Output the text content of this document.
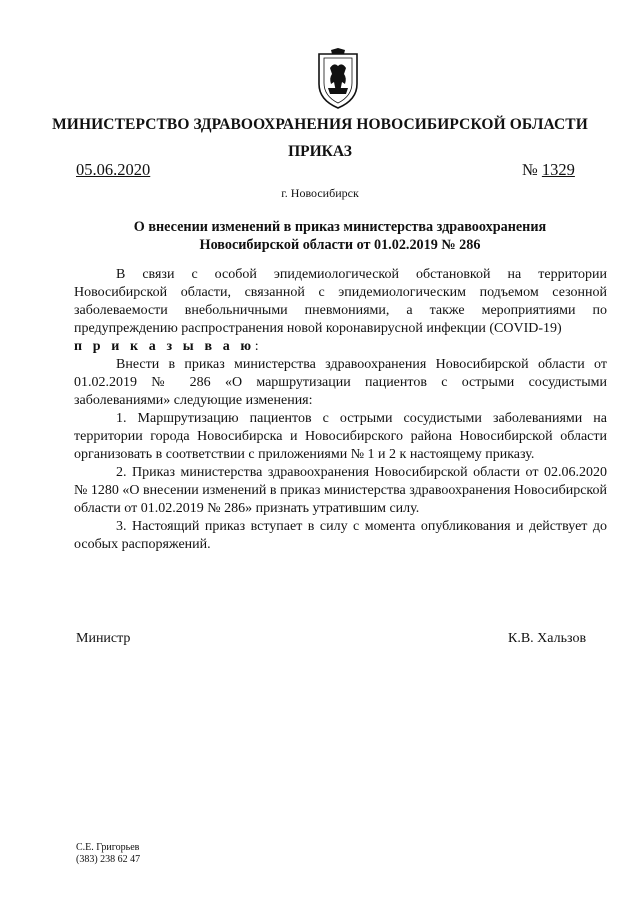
МИНИСТЕРСТВО ЗДРАВООХРАНЕНИЯ НОВОСИБИРСКОЙ ОБЛАСТИ
ПРИКАЗ
05.06.2020	№ 1329
г. Новосибирск
О внесении изменений в приказ министерства здравоохранения
Новосибирской области от 01.02.2019 № 286

В связи с особой эпидемиологической обстановкой на территории Новосибирской области, связанной с эпидемиологическим подъемом сезонной заболеваемости внебольничными пневмониями, а также мероприятиями по предупреждению распространения новой коронавирусной инфекции (COVID-19)

п р и к а з ы в а ю:

Внести в приказ министерства здравоохранения Новосибирской области от 01.02.2019 № 286 «О маршрутизации пациентов с острыми сосудистыми заболеваниями» следующие изменения:

1. Маршрутизацию пациентов с острыми сосудистыми заболеваниями на территории города Новосибирска и Новосибирского района Новосибирской области организовать в соответствии с приложениями № 1 и 2 к настоящему приказу.

2. Приказ министерства здравоохранения Новосибирской области от 02.06.2020 № 1280 «О внесении изменений в приказ министерства здравоохранения Новосибирской области от 01.02.2019 № 286» признать утратившим силу.

3. Настоящий приказ вступает в силу с момента опубликования и действует до особых распоряжений.

Министр	К.В. Хальзов
С.Е. Григорьев
(383) 238 62 47
